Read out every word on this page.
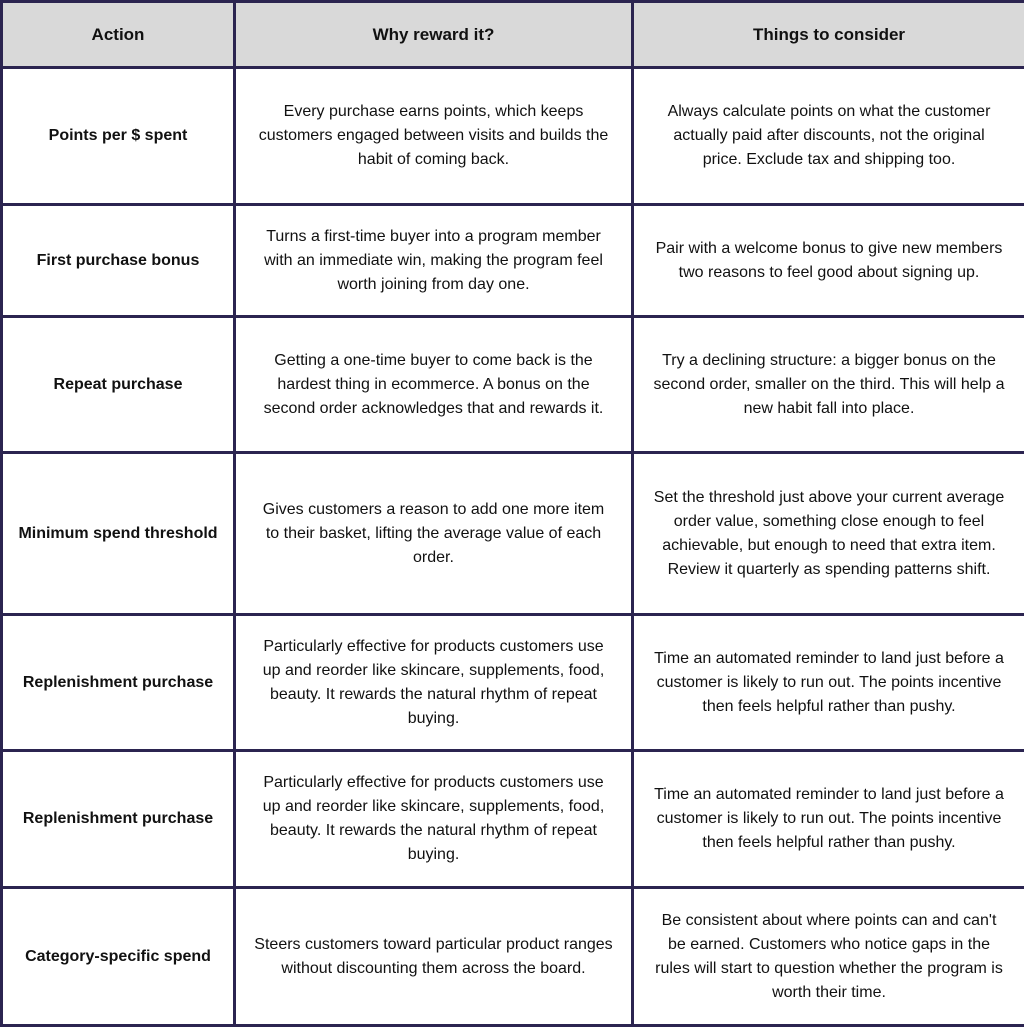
Action	Why reward it?	Things to consider
Points per $ spent	Every purchase earns points, which keeps customers engaged between visits and builds the habit of coming back.	Always calculate points on what the customer actually paid after discounts, not the original price. Exclude tax and shipping too.
First purchase bonus	Turns a first-time buyer into a program member with an immediate win, making the program feel worth joining from day one.	Pair with a welcome bonus to give new members two reasons to feel good about signing up.
Repeat purchase	Getting a one-time buyer to come back is the hardest thing in ecommerce. A bonus on the second order acknowledges that and rewards it.	Try a declining structure: a bigger bonus on the second order, smaller on the third. This will help a new habit fall into place.
Minimum spend threshold	Gives customers a reason to add one more item to their basket, lifting the average value of each order.	Set the threshold just above your current average order value, something close enough to feel achievable, but enough to need that extra item. Review it quarterly as spending patterns shift.
Replenishment purchase	Particularly effective for products customers use up and reorder like skincare, supplements, food, beauty. It rewards the natural rhythm of repeat buying.	Time an automated reminder to land just before a customer is likely to run out. The points incentive then feels helpful rather than pushy.
Replenishment purchase	Particularly effective for products customers use up and reorder like skincare, supplements, food, beauty. It rewards the natural rhythm of repeat buying.	Time an automated reminder to land just before a customer is likely to run out. The points incentive then feels helpful rather than pushy.
Category-specific spend	Steers customers toward particular product ranges without discounting them across the board.	Be consistent about where points can and can't be earned. Customers who notice gaps in the rules will start to question whether the program is worth their time.
